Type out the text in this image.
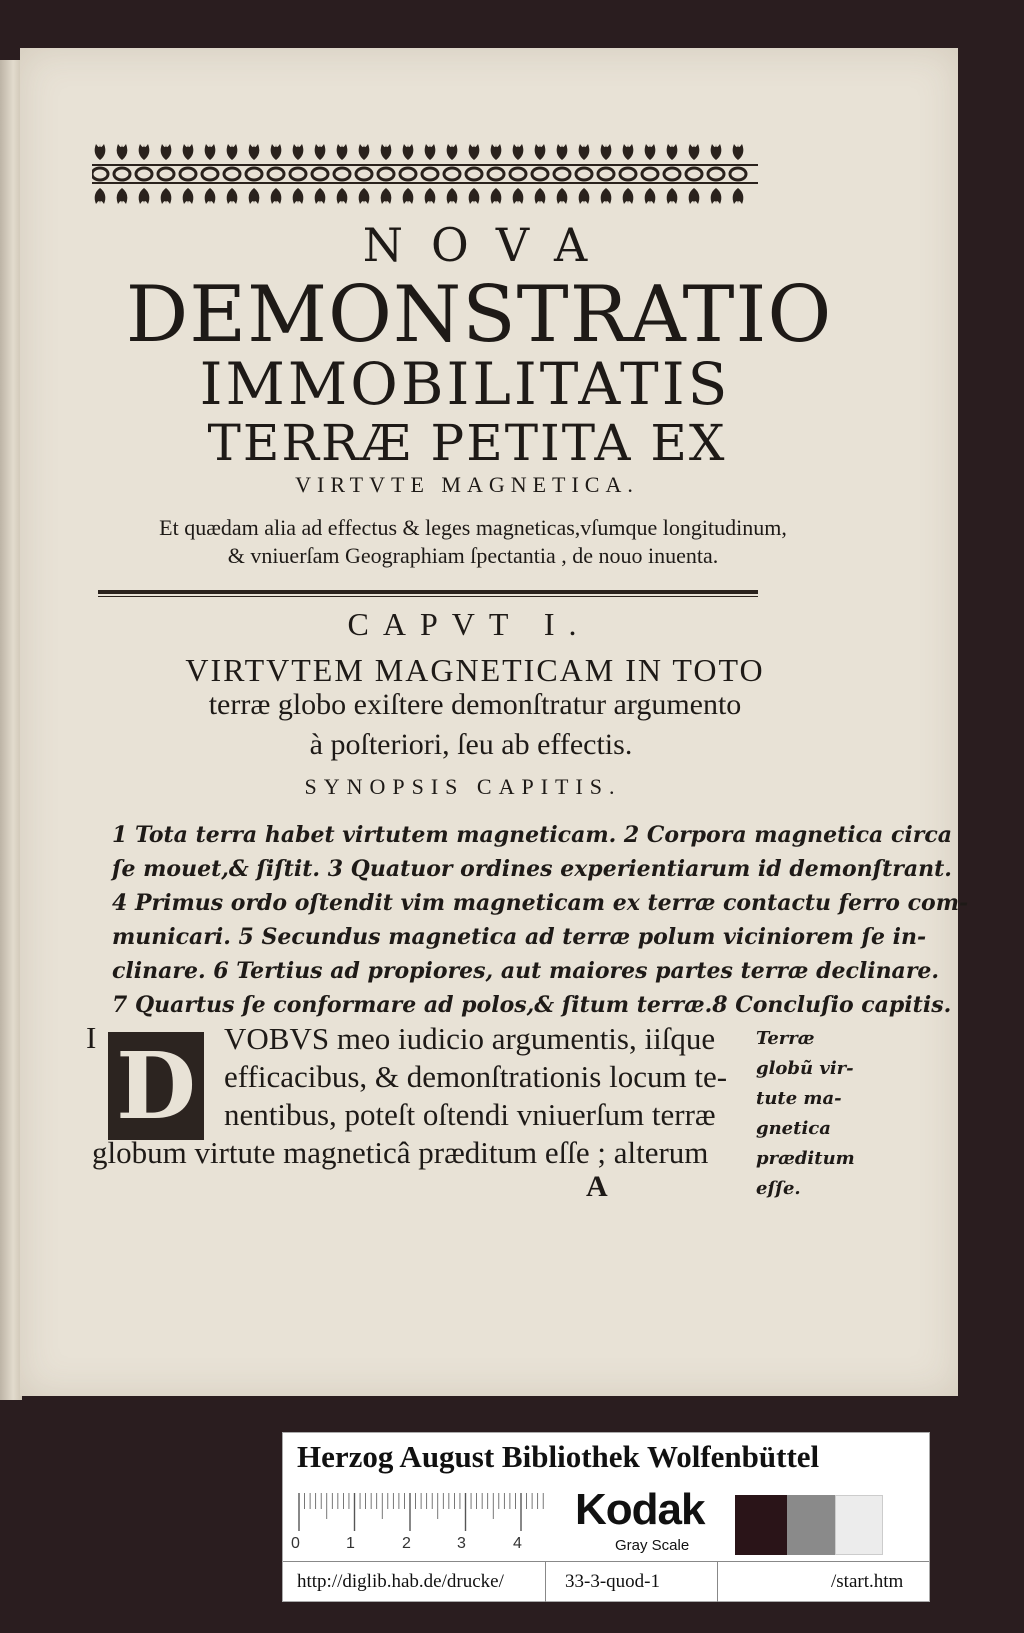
NOVA
DEMONSTRATIO
IMMOBILITATIS
TERRÆ PETITA EX
VIRTVTE MAGNETICA.
Et quædam alia ad effectus & leges magneticas,vſumque longitudinum,
& vniuerſam Geographiam ſpectantia , de nouo inuenta.
CAPVT I.
VIRTVTEM MAGNETICAM IN TOTO
terræ globo exiſtere demonſtratur argumento
à poſteriori, ſeu ab effectis.
SYNOPSIS CAPITIS.

1 Tota terra habet virtutem magneticam. 2 Corpora magnetica circa

ſe mouet,& ſiſtit. 3 Quatuor ordines experientiarum id demonſtrant.

4 Primus ordo oſtendit vim magneticam ex terræ contactu ferro com-

municari. 5 Secundus magnetica ad terræ polum viciniorem ſe in-

clinare. 6 Tertius ad propiores, aut maiores partes terræ declinare.

7 Quartus ſe conformare ad polos,& ſitum terræ.8 Concluſio capitis.

I D VOBVS meo iudicio argumentis, iiſque
efficacibus, & demonſtrationis locum te-
nentibus, poteſt oſtendi vniuerſum terræ
globum virtute magneticâ præditum eſſe ; alterum
Terræ
globũ vir-
tute ma-
gnetica
præditum
eſſe.
A
Herzog August Bibliothek Wolfenbüttel
0	1	2	3	4
Kodak
Gray Scale
http://diglib.hab.de/drucke/	33-3-quod-1	/start.htm
